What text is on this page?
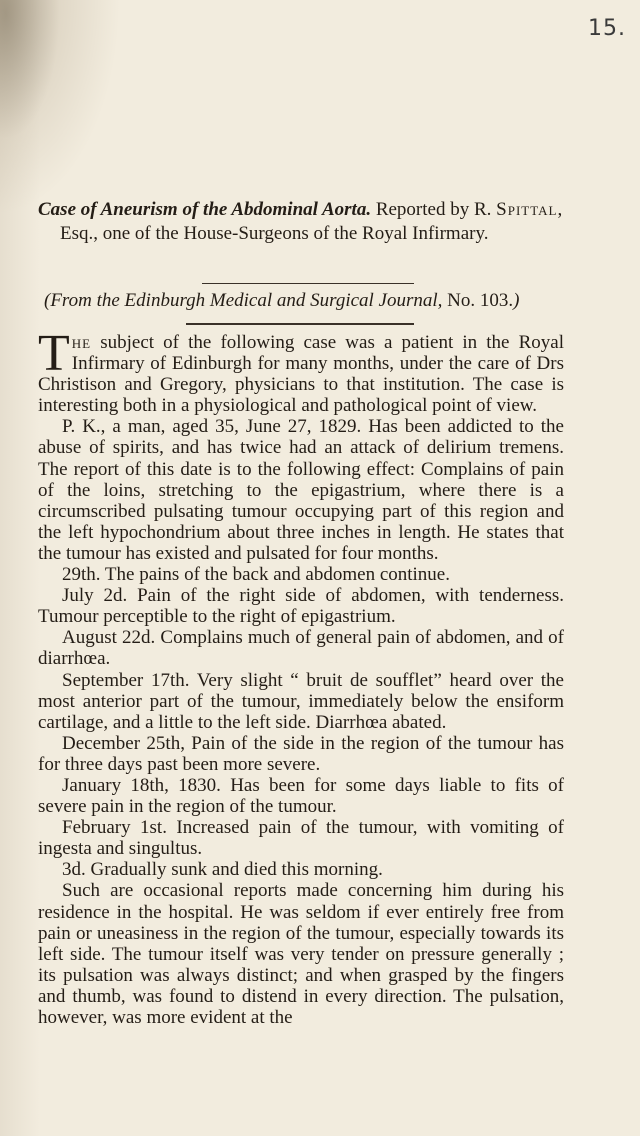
15.
Case of Aneurism of the Abdominal Aorta. Reported by R. Spittal, Esq., one of the House-Surgeons of the Royal Infirmary.
(From the Edinburgh Medical and Surgical Journal, No. 103.)

The subject of the following case was a patient in the Royal Infirmary of Edinburgh for many months, under the care of Drs Christison and Gregory, physicians to that institution. The case is interesting both in a physiological and pathological point of view.

P. K., a man, aged 35, June 27, 1829. Has been addicted to the abuse of spirits, and has twice had an attack of delirium tremens. The report of this date is to the following effect: Complains of pain of the loins, stretching to the epigastrium, where there is a circumscribed pulsating tumour occupying part of this region and the left hypochondrium about three inches in length. He states that the tumour has existed and pulsated for four months.

29th. The pains of the back and abdomen continue.

July 2d. Pain of the right side of abdomen, with tenderness. Tumour perceptible to the right of epigastrium.

August 22d. Complains much of general pain of abdomen, and of diarrhœa.

September 17th. Very slight “ bruit de soufflet” heard over the most anterior part of the tumour, immediately below the ensiform cartilage, and a little to the left side. Diarrhœa abated.

December 25th, Pain of the side in the region of the tumour has for three days past been more severe.

January 18th, 1830. Has been for some days liable to fits of severe pain in the region of the tumour.

February 1st. Increased pain of the tumour, with vomiting of ingesta and singultus.

3d. Gradually sunk and died this morning.

Such are occasional reports made concerning him during his residence in the hospital. He was seldom if ever entirely free from pain or uneasiness in the region of the tumour, especially towards its left side. The tumour itself was very tender on pressure generally ; its pulsation was always distinct; and when grasped by the fingers and thumb, was found to distend in every direction. The pulsation, however, was more evident at the
